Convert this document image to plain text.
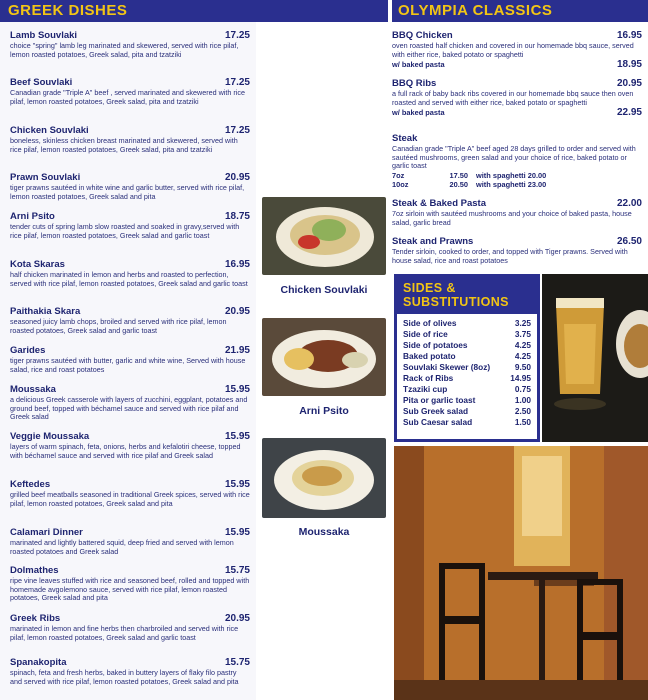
GREEK DISHES	OLYMPIA CLASSICS
Lamb Souvlaki	17.25
choice "spring" lamb leg marinated and skewered, served with rice pilaf, lemon roasted potatoes, Greek salad, pita and tzatziki
Beef Souvlaki	17.25
Canadian grade "Triple A" beef , served marinated and skewered with rice pilaf, lemon roasted potatoes, Greek salad, pita and tzatziki
Chicken Souvlaki	17.25
boneless, skinless chicken breast marinated and skewered, served with rice pilaf, lemon roasted potatoes, Greek salad, pita and tzatziki
Prawn Souvlaki	20.95
tiger prawns sautéed in white wine and garlic butter, served with rice pilaf, lemon roasted potatoes, Greek salad and pita
Arni Psito	18.75
tender cuts of spring lamb slow roasted and soaked in gravy,served with rice pilaf, lemon roasted potatoes, Greek salad and garlic toast
Kota Skaras	16.95
half chicken marinated in lemon and herbs and roasted to perfection, served with rice pilaf, lemon roasted potatoes, Greek salad and garlic toast
Paithakia Skara	20.95
seasoned juicy lamb chops, broiled and served with rice pilaf, lemon roasted potatoes, Greek salad and garlic toast
Garides	21.95
tiger prawns sautéed with butter, garlic and white wine, Served with house salad, rice and roast potatoes
Moussaka	15.95
a delicious Greek casserole with layers of zucchini, eggplant, potatoes and ground beef, topped with béchamel sauce and served with rice pilaf and Greek salad
Veggie Moussaka	15.95
layers of warm spinach, feta, onions, herbs and kefalotiri cheese, topped with béchamel sauce and served with rice pilaf and Greek salad
Keftedes	15.95
grilled beef meatballs seasoned in traditional Greek spices, served with rice pilaf, lemon roasted potatoes, Greek salad and pita
Calamari Dinner	15.95
marinated and lightly battered squid, deep fried and served with lemon roasted potatoes and Greek salad
Dolmathes	15.75
ripe vine leaves stuffed with rice and seasoned beef, rolled and topped with homemade avgolemono sauce, served with rice pilaf, lemon roasted potatoes, Greek salad and pita
Greek Ribs	20.95
marinated in lemon and fine herbs then charbroiled and served with rice pilaf, lemon roasted potatoes, Greek salad and garlic toast
Spanakopita	15.75
spinach, feta and fresh herbs, baked in buttery layers of flaky filo pastry and served with rice pilaf, lemon roasted potatoes, Greek salad and pita
Chicken Souvlaki
Arni Psito
Moussaka
BBQ Chicken	16.95
oven roasted half chicken and covered in our homemade bbq sauce, served with either rice, baked potato or spaghetti
w/ baked pasta	18.95
BBQ Ribs	20.95
a full rack of baby back ribs covered in our homemade bbq sauce then oven roasted and served with either rice, baked potato or spaghetti
w/ baked pasta	22.95
Steak
Canadian grade "Triple A" beef aged 28 days grilled to order and served with sautéed mushrooms, green salad and your choice of rice, baked potato or garlic toast
7oz	17.50	with spaghetti 20.00
10oz	20.50	with spaghetti 23.00
Steak & Baked Pasta	22.00
7oz sirloin with sautéed mushrooms and your choice of baked pasta, house salad, garlic bread
Steak and Prawns	26.50
Tender sirloin, cooked to order, and topped with Tiger prawns. Served with house salad, rice and roast potatoes
SIDES &
SUBSTITUTIONS
Side of olives	3.25
Side of rice	3.75
Side of potatoes	4.25
Baked potato	4.25
Souvlaki Skewer (8oz)	9.50
Rack of Ribs	14.95
Tzaziki cup	0.75
Pita or garlic toast	1.00
Sub Greek salad	2.50
Sub Caesar salad	1.50
